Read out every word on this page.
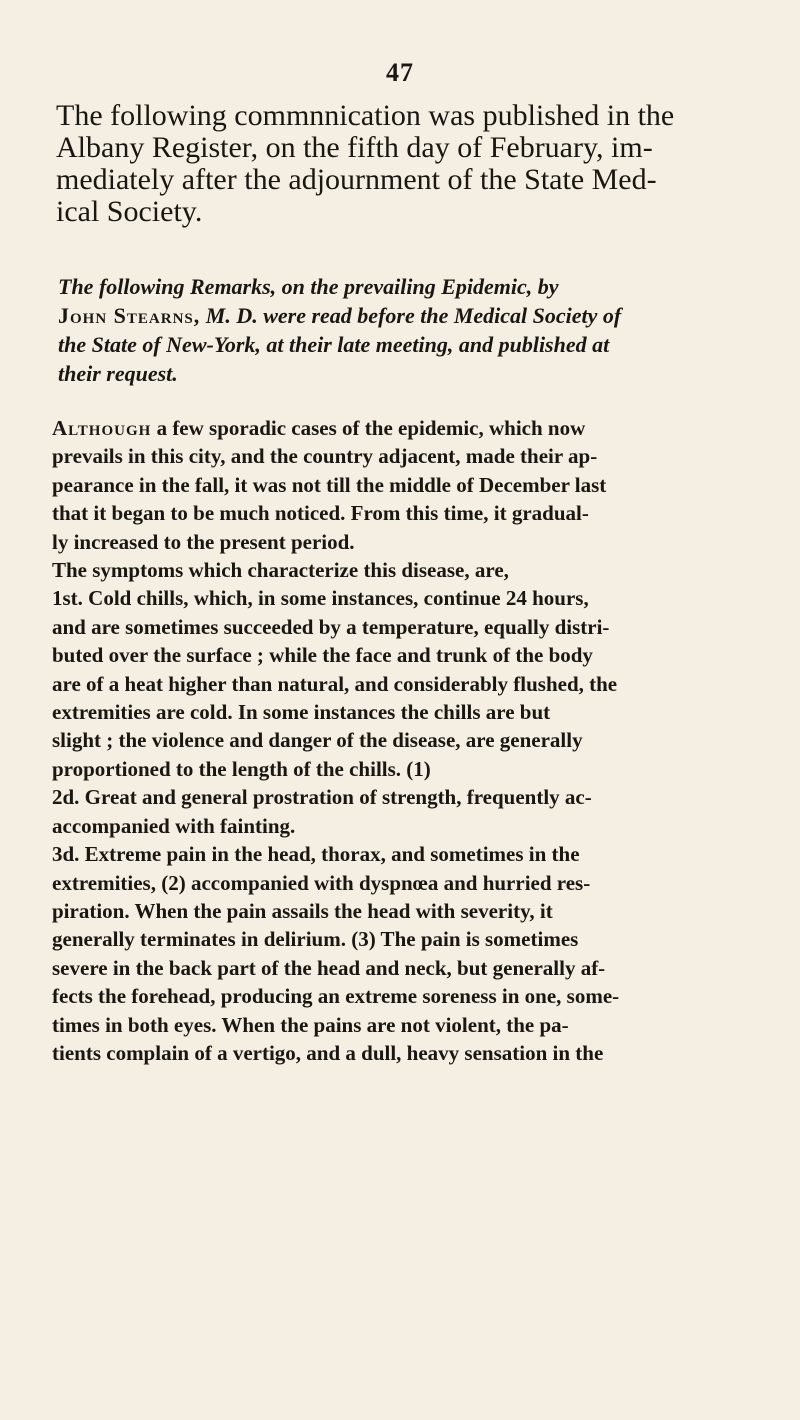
47

The following commnnication was published in the
Albany Register, on the fifth day of February, im-
mediately after the adjournment of the State Med-
ical Society.

The following Remarks, on the prevailing Epidemic, by
John Stearns, M. D. were read before the Medical Society of
the State of New-York, at their late meeting, and published at
their request.
Although a few sporadic cases of the epidemic, which now
prevails in this city, and the country adjacent, made their ap-
pearance in the fall, it was not till the middle of December last
that it began to be much noticed. From this time, it gradual-
ly increased to the present period.
The symptoms which characterize this disease, are,
1st. Cold chills, which, in some instances, continue 24 hours,
and are sometimes succeeded by a temperature, equally distri-
buted over the surface ; while the face and trunk of the body
are of a heat higher than natural, and considerably flushed, the
extremities are cold. In some instances the chills are but
slight ; the violence and danger of the disease, are generally
proportioned to the length of the chills. (1)
2d. Great and general prostration of strength, frequently ac-
accompanied with fainting.
3d. Extreme pain in the head, thorax, and sometimes in the
extremities, (2) accompanied with dyspnœa and hurried res-
piration. When the pain assails the head with severity, it
generally terminates in delirium. (3) The pain is sometimes
severe in the back part of the head and neck, but generally af-
fects the forehead, producing an extreme soreness in one, some-
times in both eyes. When the pains are not violent, the pa-
tients complain of a vertigo, and a dull, heavy sensation in the
